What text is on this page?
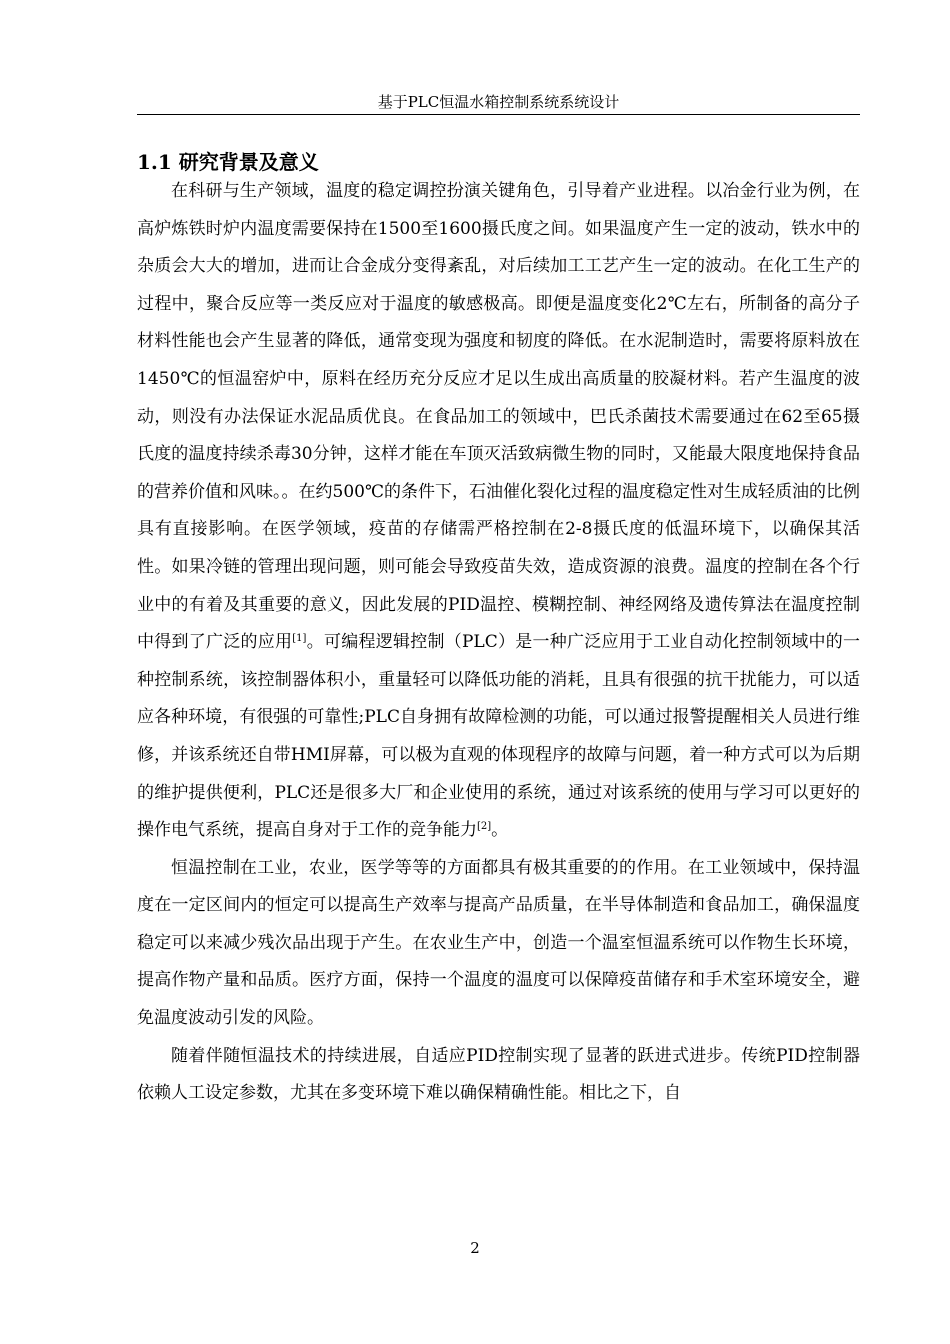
基于PLC恒温水箱控制系统系统设计
1.1 研究背景及意义

在科研与生产领域，温度的稳定调控扮演关键角色，引导着产业进程。以冶金行业为例，在高炉炼铁时炉内温度需要保持在1500至1600摄氏度之间。如果温度产生一定的波动，铁水中的杂质会大大的增加，进而让合金成分变得紊乱，对后续加工工艺产生一定的波动。在化工生产的过程中，聚合反应等一类反应对于温度的敏感极高。即便是温度变化2℃左右，所制备的高分子材料性能也会产生显著的降低，通常变现为强度和韧度的降低。在水泥制造时，需要将原料放在1450℃的恒温窑炉中，原料在经历充分反应才足以生成出高质量的胶凝材料。若产生温度的波动，则没有办法保证水泥品质优良。在食品加工的领域中，巴氏杀菌技术需要通过在62至65摄氏度的温度持续杀毒30分钟，这样才能在车顶灭活致病微生物的同时，又能最大限度地保持食品的营养价值和风味。。在约500℃的条件下，石油催化裂化过程的温度稳定性对生成轻质油的比例具有直接影响。在医学领域，疫苗的存储需严格控制在2-8摄氏度的低温环境下，以确保其活性。如果冷链的管理出现问题，则可能会导致疫苗失效，造成资源的浪费。温度的控制在各个行业中的有着及其重要的意义，因此发展的PID温控、模糊控制、神经网络及遗传算法在温度控制中得到了广泛的应用[1]。可编程逻辑控制（PLC）是一种广泛应用于工业自动化控制领域中的一种控制系统，该控制器体积小，重量轻可以降低功能的消耗，且具有很强的抗干扰能力，可以适应各种环境，有很强的可靠性;PLC自身拥有故障检测的功能，可以通过报警提醒相关人员进行维修，并该系统还自带HMI屏幕，可以极为直观的体现程序的故障与问题，着一种方式可以为后期的维护提供便利，PLC还是很多大厂和企业使用的系统，通过对该系统的使用与学习可以更好的操作电气系统，提高自身对于工作的竞争能力[2]。

恒温控制在工业，农业，医学等等的方面都具有极其重要的的作用。在工业领域中，保持温度在一定区间内的恒定可以提高生产效率与提高产品质量，在半导体制造和食品加工，确保温度稳定可以来减少残次品出现于产生。在农业生产中，创造一个温室恒温系统可以作物生长环境，提高作物产量和品质。医疗方面，保持一个温度的温度可以保障疫苗储存和手术室环境安全，避免温度波动引发的风险。

随着伴随恒温技术的持续进展，自适应PID控制实现了显著的跃进式进步。传统PID控制器依赖人工设定参数，尤其在多变环境下难以确保精确性能。相比之下，自

2
